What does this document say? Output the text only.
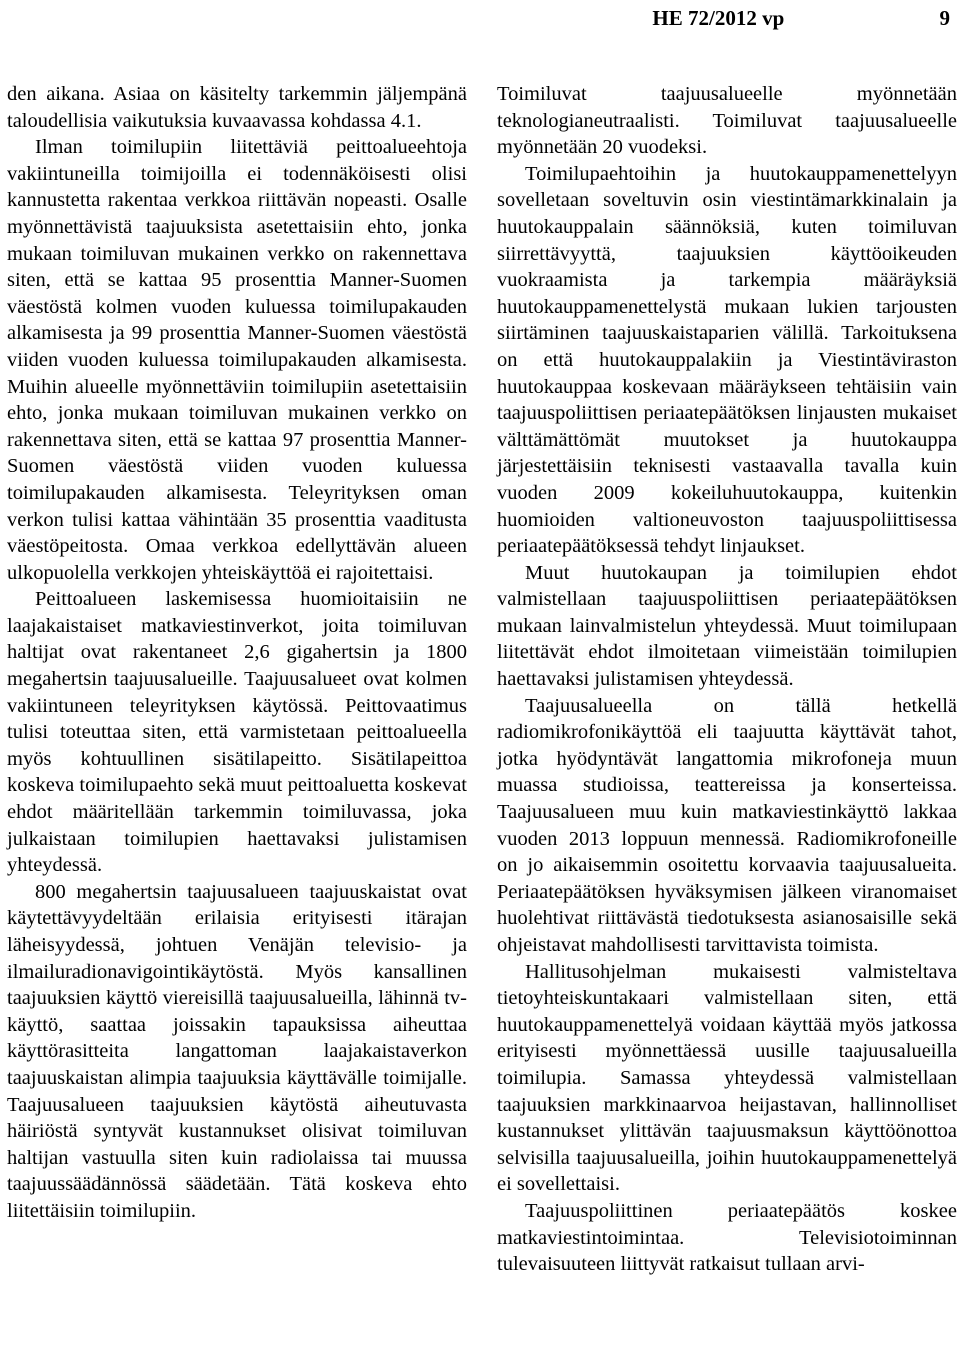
HE 72/2012 vp	9

den aikana. Asiaa on käsitelty tarkemmin jäljempänä taloudellisia vaikutuksia kuvaavassa kohdassa 4.1.

Ilman toimilupiin liitettäviä peittoalueehtoja vakiintuneilla toimijoilla ei todennäköisesti olisi kannustetta rakentaa verkkoa riittävän nopeasti. Osalle myönnettävistä taajuuksista asetettaisiin ehto, jonka mukaan toimiluvan mukainen verkko on rakennettava siten, että se kattaa 95 prosenttia Manner-Suomen väestöstä kolmen vuoden kuluessa toimilupakauden alkamisesta ja 99 prosenttia Manner-Suomen väestöstä viiden vuoden kuluessa toimilupakauden alkamisesta. Muihin alueelle myönnettäviin toimilupiin asetettaisiin ehto, jonka mukaan toimiluvan mukainen verkko on rakennettava siten, että se kattaa 97 prosenttia Manner-Suomen väestöstä viiden vuoden kuluessa toimilupakauden alkamisesta. Teleyrityksen oman verkon tulisi kattaa vähintään 35 prosenttia vaaditusta väestöpeitosta. Omaa verkkoa edellyttävän alueen ulkopuolella verkkojen yhteiskäyttöä ei rajoitettaisi.

Peittoalueen laskemisessa huomioitaisiin ne laajakaistaiset matkaviestinverkot, joita toimiluvan haltijat ovat rakentaneet 2,6 gigahertsin ja 1800 megahertsin taajuusalueille. Taajuusalueet ovat kolmen vakiintuneen teleyrityksen käytössä. Peittovaatimus tulisi toteuttaa siten, että varmistetaan peittoalueella myös kohtuullinen sisätilapeitto. Sisätilapeittoa koskeva toimilupaehto sekä muut peittoaluetta koskevat ehdot määritellään tarkemmin toimiluvassa, joka julkaistaan toimilupien haettavaksi julistamisen yhteydessä.

800 megahertsin taajuusalueen taajuuskaistat ovat käytettävyydeltään erilaisia erityisesti itärajan läheisyydessä, johtuen Venäjän televisio- ja ilmailuradionavigointikäytöstä. Myös kansallinen taajuuksien käyttö viereisillä taajuusalueilla, lähinnä tv-käyttö, saattaa joissakin tapauksissa aiheuttaa käyttörasitteita langattoman laajakaistaverkon taajuuskaistan alimpia taajuuksia käyttävälle toimijalle. Taajuusalueen taajuuksien käytöstä aiheutuvasta häiriöstä syntyvät kustannukset olisivat toimiluvan haltijan vastuulla siten kuin radiolaissa tai muussa taajuussäädännössä säädetään. Tätä koskeva ehto liitettäisiin toimilupiin.

Toimiluvat taajuusalueelle myönnetään teknologianeutraalisti. Toimiluvat taajuusalueelle myönnetään 20 vuodeksi.

Toimilupaehtoihin ja huutokauppamenettelyyn sovelletaan soveltuvin osin viestintämarkkinalain ja huutokauppalain säännöksiä, kuten toimiluvan siirrettävyyttä, taajuuksien käyttöoikeuden vuokraamista ja tarkempia määräyksiä huutokauppamenettelystä mukaan lukien tarjousten siirtäminen taajuuskaistaparien välillä. Tarkoituksena on että huutokauppalakiin ja Viestintäviraston huutokauppaa koskevaan määräykseen tehtäisiin vain taajuuspoliittisen periaatepäätöksen linjausten mukaiset välttämättömät muutokset ja huutokauppa järjestettäisiin teknisesti vastaavalla tavalla kuin vuoden 2009 kokeiluhuutokauppa, kuitenkin huomioiden valtioneuvoston taajuuspoliittisessa periaatepäätöksessä tehdyt linjaukset.

Muut huutokaupan ja toimilupien ehdot valmistellaan taajuuspoliittisen periaatepäätöksen mukaan lainvalmistelun yhteydessä. Muut toimilupaan liitettävät ehdot ilmoitetaan viimeistään toimilupien haettavaksi julistamisen yhteydessä.

Taajuusalueella on tällä hetkellä radiomikrofonikäyttöä eli taajuutta käyttävät tahot, jotka hyödyntävät langattomia mikrofoneja muun muassa studioissa, teattereissa ja konserteissa. Taajuusalueen muu kuin matkaviestinkäyttö lakkaa vuoden 2013 loppuun mennessä. Radiomikrofoneille on jo aikaisemmin osoitettu korvaavia taajuusalueita. Periaatepäätöksen hyväksymisen jälkeen viranomaiset huolehtivat riittävästä tiedotuksesta asianosaisille sekä ohjeistavat mahdollisesti tarvittavista toimista.

Hallitusohjelman mukaisesti valmisteltava tietoyhteiskuntakaari valmistellaan siten, että huutokauppamenettelyä voidaan käyttää myös jatkossa erityisesti myönnettäessä uusille taajuusalueilla toimilupia. Samassa yhteydessä valmistellaan taajuuksien markkinaarvoa heijastavan, hallinnolliset kustannukset ylittävän taajuusmaksun käyttöönottoa selvisilla taajuusalueilla, joihin huutokauppamenettelyä ei sovellettaisi.

Taajuuspoliittinen periaatepäätös koskee matkaviestintoimintaa. Televisiotoiminnan tulevaisuuteen liittyvät ratkaisut tullaan arvi-
